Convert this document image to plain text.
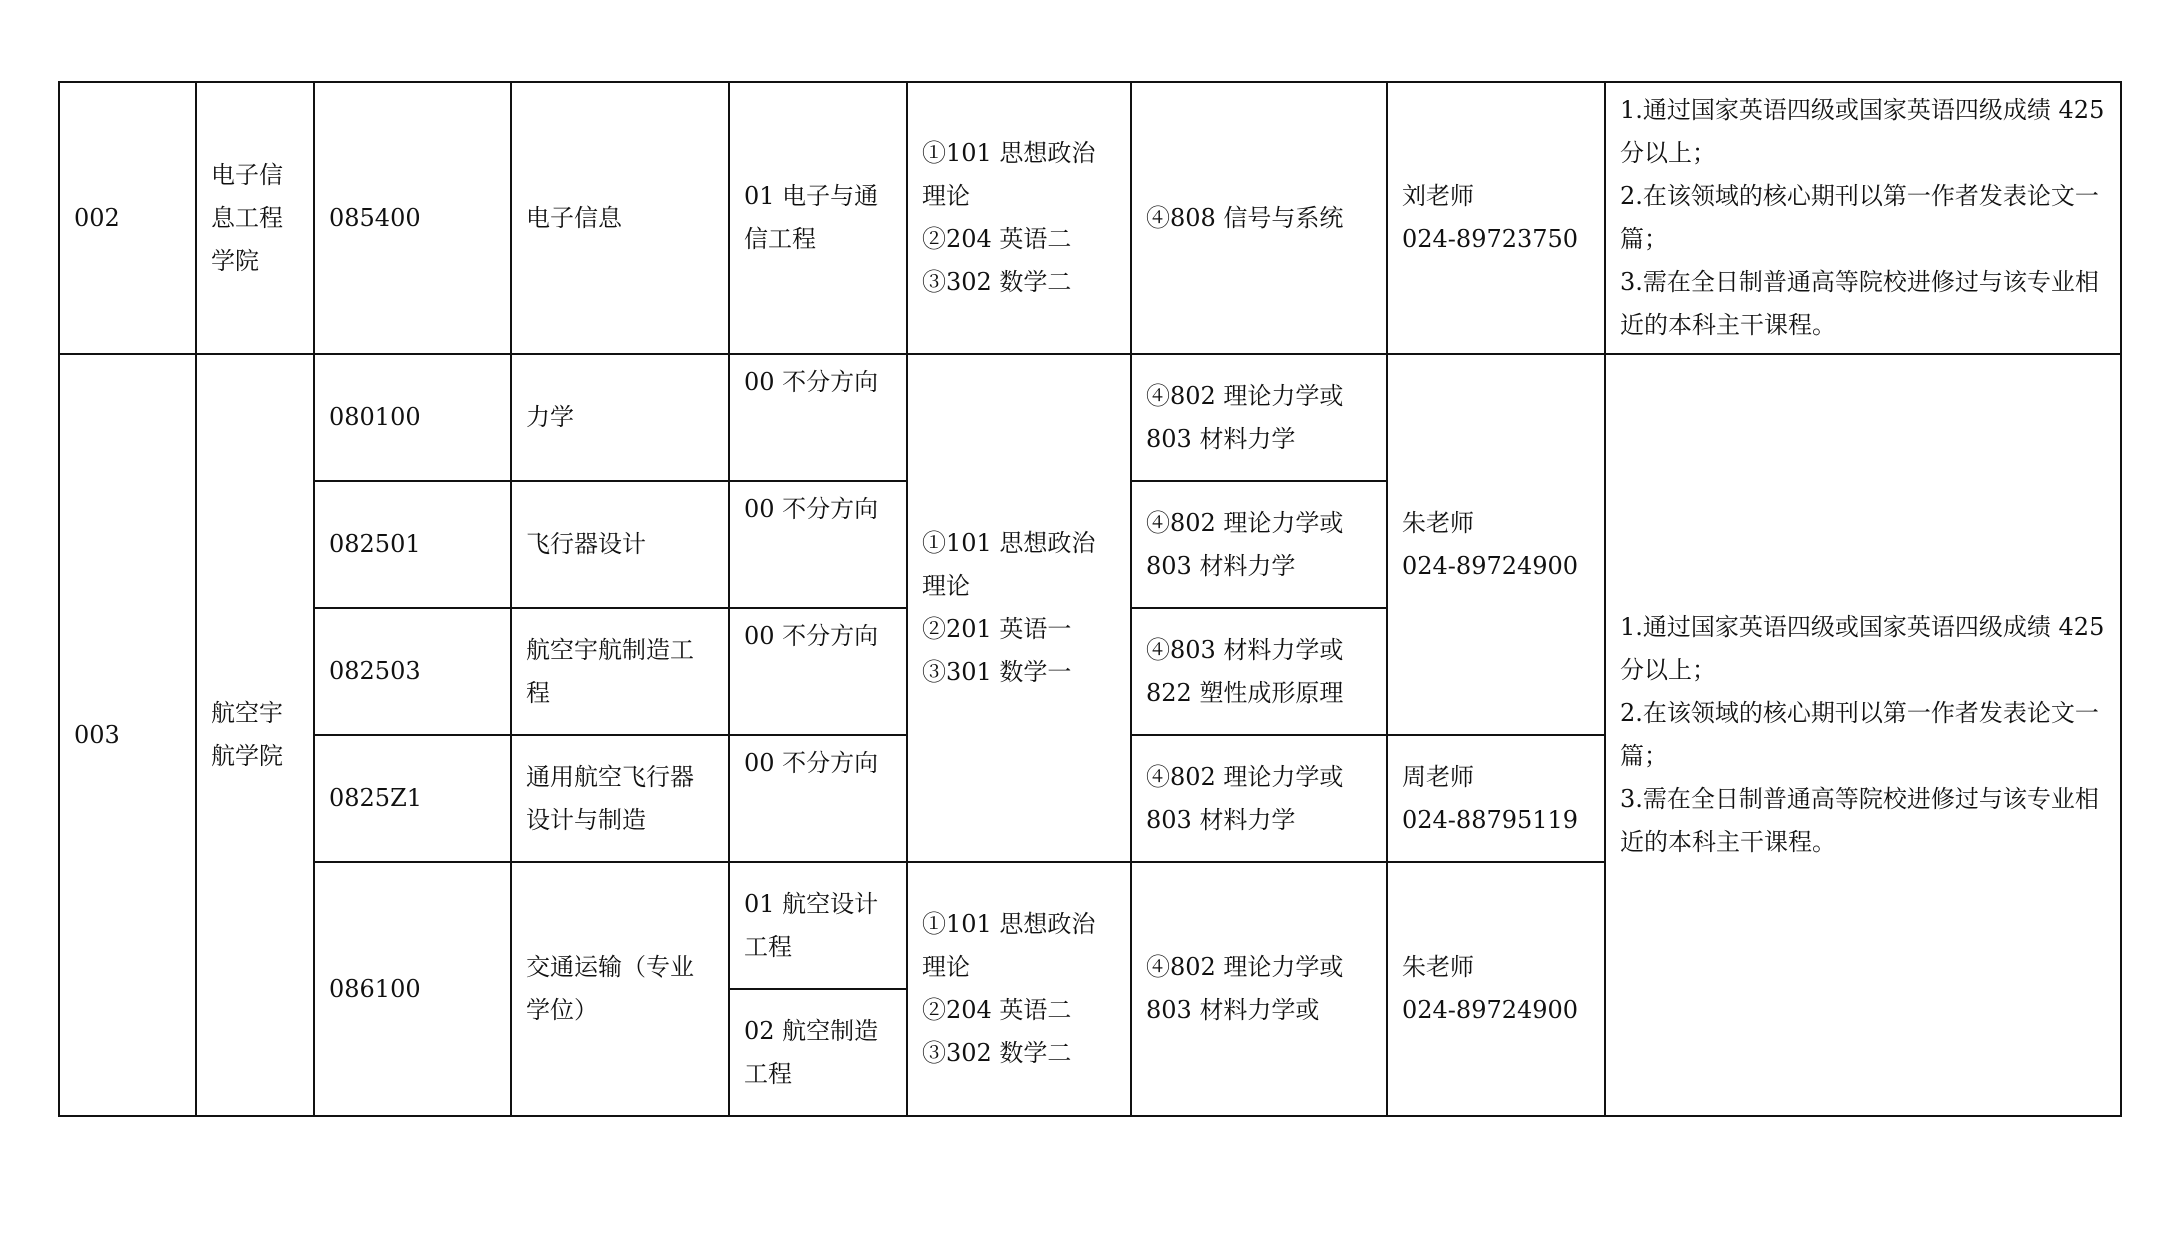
002	电子信息工程学院	085400	电子信息	01 电子与通信工程	①101 思想政治理论
②204 英语二
③302 数学二	④808 信号与系统	刘老师
024-89723750	1.通过国家英语四级或国家英语四级成绩 425 分以上；
2.在该领域的核心期刊以第一作者发表论文一篇；
3.需在全日制普通高等院校进修过与该专业相近的本科主干课程。

003	航空宇航学院	080100	力学	00 不分方向	①101 思想政治理论
②201 英语一
③301 数学一	④802 理论力学或
803 材料力学	朱老师
024-89724900	1.通过国家英语四级或国家英语四级成绩 425 分以上；
2.在该领域的核心期刊以第一作者发表论文一篇；
3.需在全日制普通高等院校进修过与该专业相近的本科主干课程。

		082501	飞行器设计	00 不分方向		④802 理论力学或
803 材料力学		

		082503	航空宇航制造工程	00 不分方向		④803 材料力学或
822 塑性成形原理		

		0825Z1	通用航空飞行器设计与制造	00 不分方向		④802 理论力学或
803 材料力学	周老师
024-88795119	

		086100	交通运输（专业学位）	01 航空设计工程	①101 思想政治理论
②204 英语二
③302 数学二	④802 理论力学或
803 材料力学或	朱老师
024-89724900	

				02 航空制造工程				
